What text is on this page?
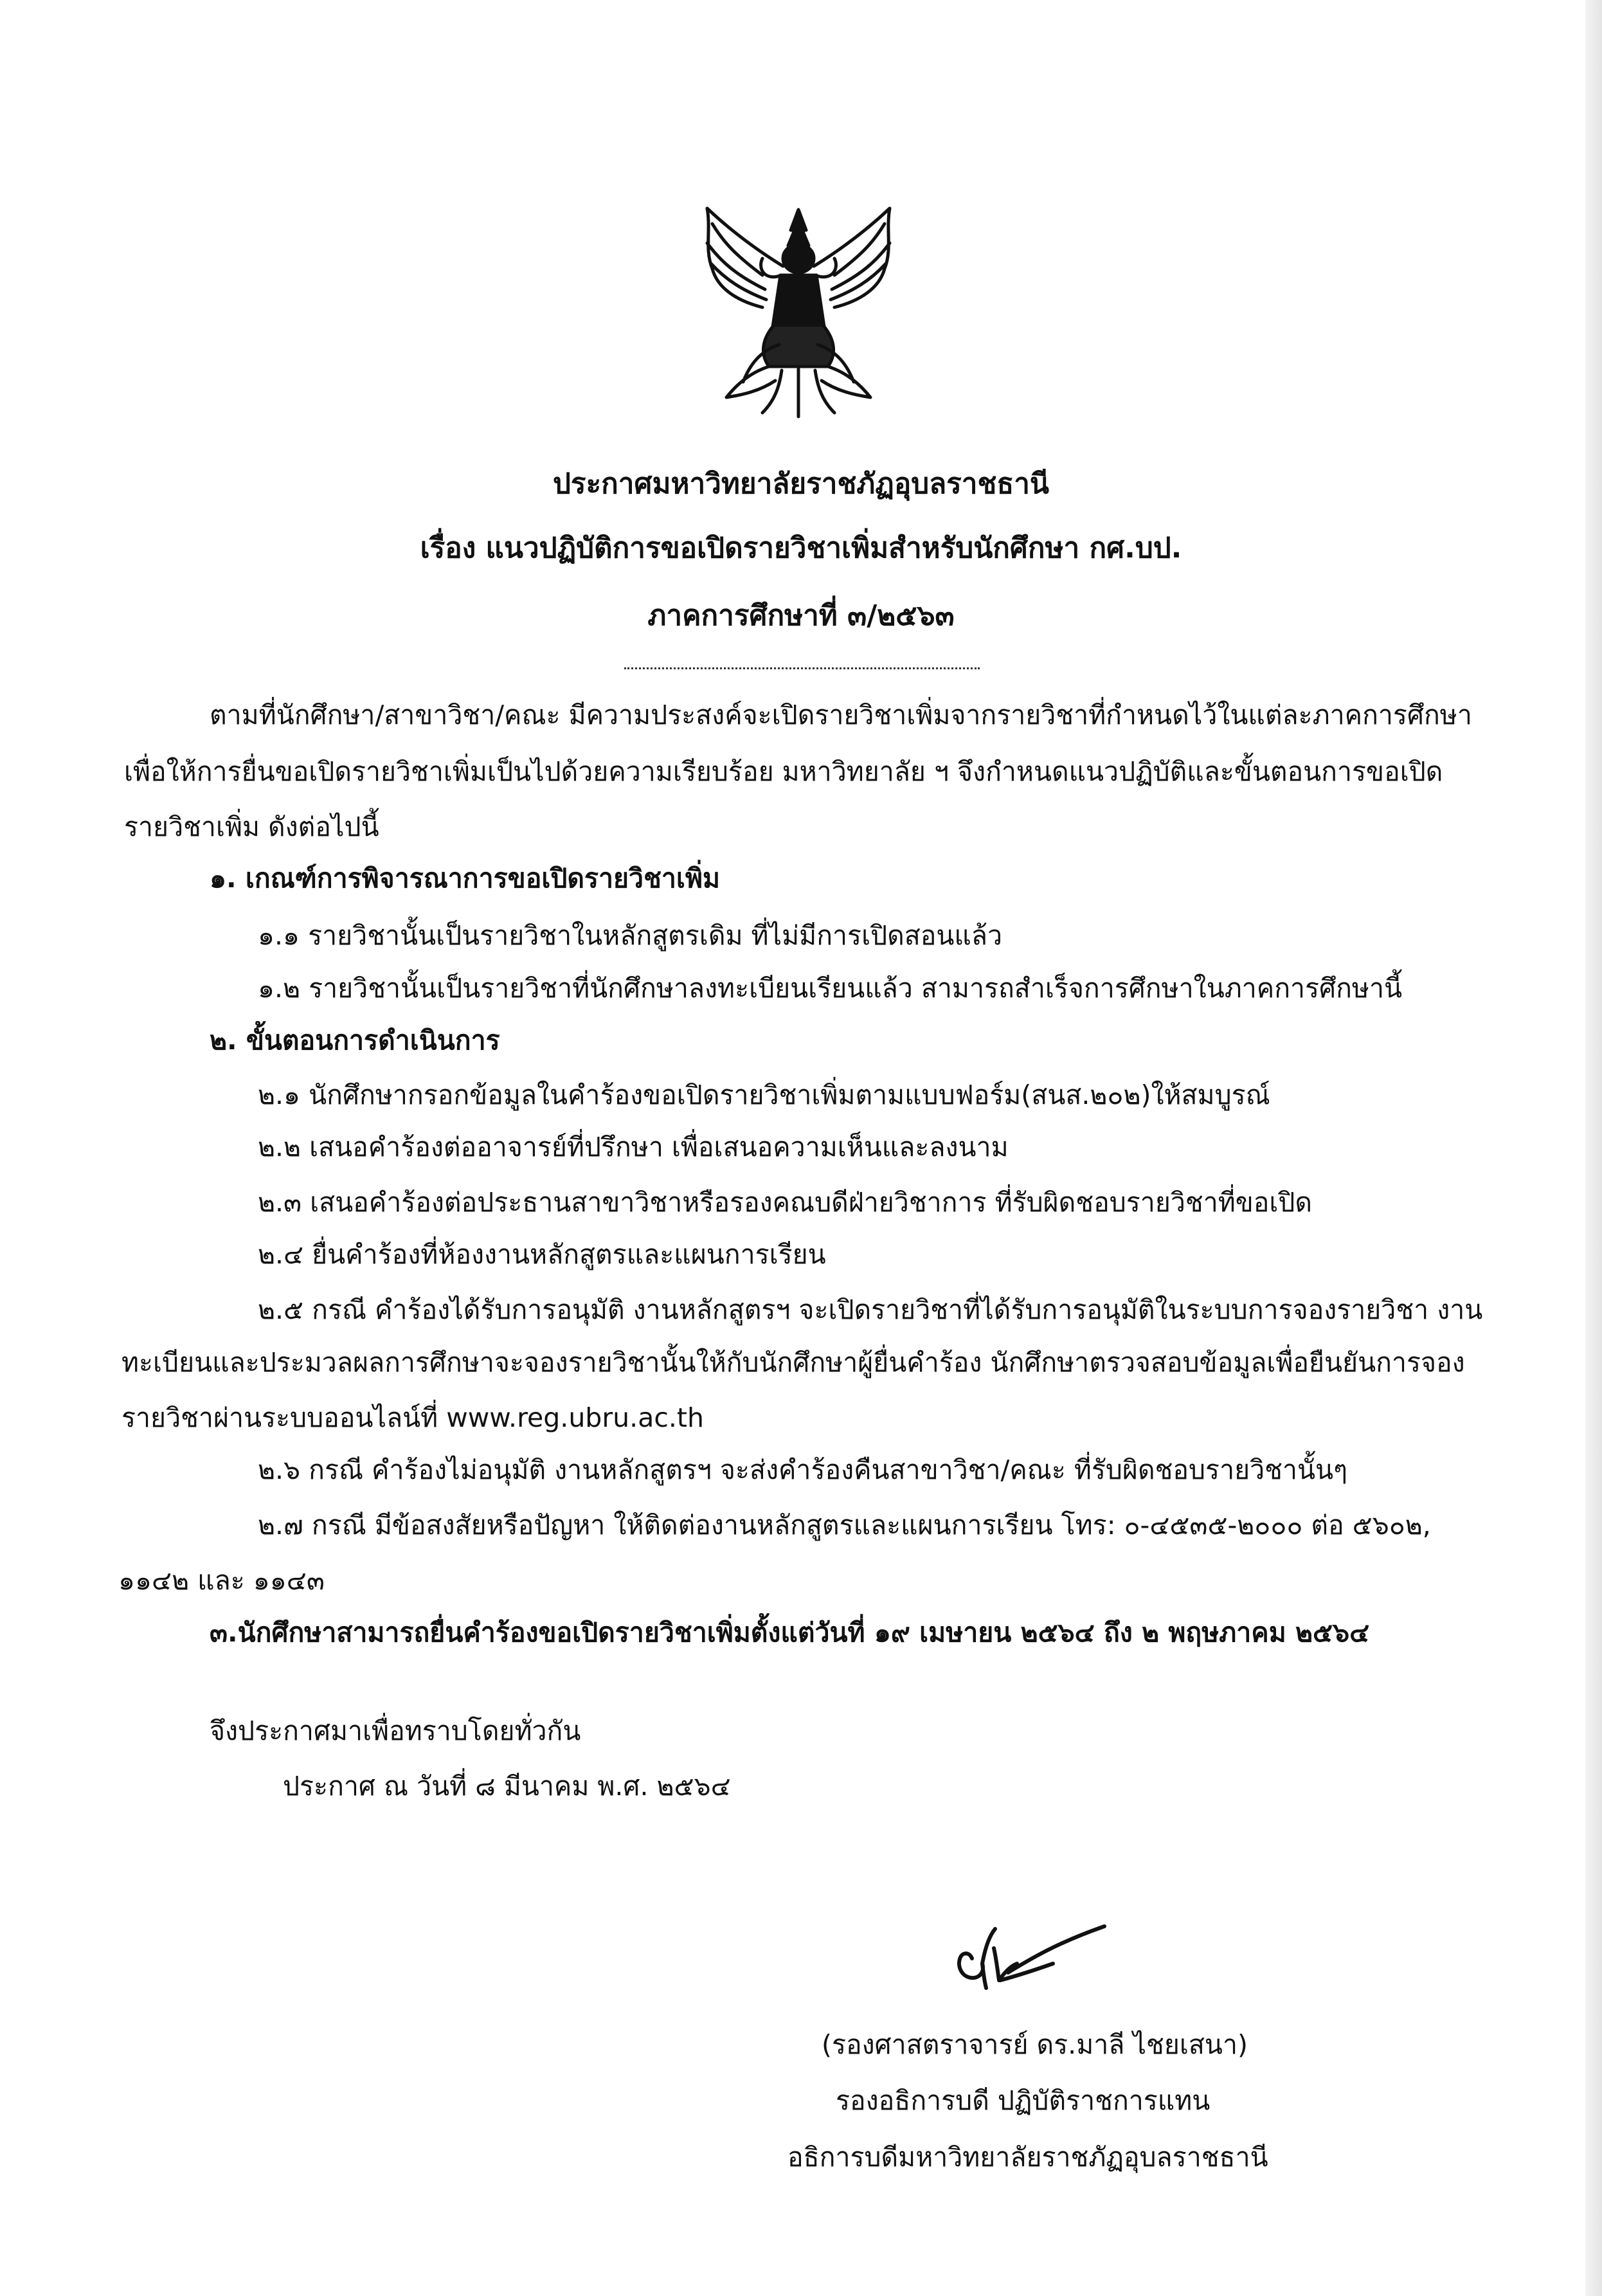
ประกาศมหาวิทยาลัยราชภัฏอุบลราชธานี
เรื่อง แนวปฏิบัติการขอเปิดรายวิชาเพิ่มสำหรับนักศึกษา กศ.บป.
ภาคการศึกษาที่ ๓/๒๕๖๓
ตามที่นักศึกษา/สาขาวิชา/คณะ มีความประสงค์จะเปิดรายวิชาเพิ่มจากรายวิชาที่กำหนดไว้ในแต่ละภาคการศึกษา
เพื่อให้การยื่นขอเปิดรายวิชาเพิ่มเป็นไปด้วยความเรียบร้อย มหาวิทยาลัย ฯ จึงกำหนดแนวปฏิบัติและขั้นตอนการขอเปิด
รายวิชาเพิ่ม ดังต่อไปนี้
๑. เกณฑ์การพิจารณาการขอเปิดรายวิชาเพิ่ม
๑.๑ รายวิชานั้นเป็นรายวิชาในหลักสูตรเดิม ที่ไม่มีการเปิดสอนแล้ว
๑.๒ รายวิชานั้นเป็นรายวิชาที่นักศึกษาลงทะเบียนเรียนแล้ว สามารถสำเร็จการศึกษาในภาคการศึกษานี้
๒. ขั้นตอนการดำเนินการ
๒.๑ นักศึกษากรอกข้อมูลในคำร้องขอเปิดรายวิชาเพิ่มตามแบบฟอร์ม(สนส.๒๐๒)ให้สมบูรณ์
๒.๒ เสนอคำร้องต่ออาจารย์ที่ปรึกษา เพื่อเสนอความเห็นและลงนาม
๒.๓ เสนอคำร้องต่อประธานสาขาวิชาหรือรองคณบดีฝ่ายวิชาการ ที่รับผิดชอบรายวิชาที่ขอเปิด
๒.๔ ยื่นคำร้องที่ห้องงานหลักสูตรและแผนการเรียน
๒.๕ กรณี คำร้องได้รับการอนุมัติ งานหลักสูตรฯ จะเปิดรายวิชาที่ได้รับการอนุมัติในระบบการจองรายวิชา งาน
ทะเบียนและประมวลผลการศึกษาจะจองรายวิชานั้นให้กับนักศึกษาผู้ยื่นคำร้อง นักศึกษาตรวจสอบข้อมูลเพื่อยืนยันการจอง
รายวิชาผ่านระบบออนไลน์ที่ www.reg.ubru.ac.th
๒.๖ กรณี คำร้องไม่อนุมัติ งานหลักสูตรฯ จะส่งคำร้องคืนสาขาวิชา/คณะ ที่รับผิดชอบรายวิชานั้นๆ
๒.๗ กรณี มีข้อสงสัยหรือปัญหา ให้ติดต่องานหลักสูตรและแผนการเรียน โทร: ๐-๔๕๓๕-๒๐๐๐ ต่อ ๕๖๐๒,
๑๑๔๒ และ ๑๑๔๓
๓.นักศึกษาสามารถยื่นคำร้องขอเปิดรายวิชาเพิ่มตั้งแต่วันที่ ๑๙ เมษายน ๒๕๖๔ ถึง ๒ พฤษภาคม ๒๕๖๔
จึงประกาศมาเพื่อทราบโดยทั่วกัน
ประกาศ ณ วันที่ ๘ มีนาคม พ.ศ. ๒๕๖๔
(รองศาสตราจารย์ ดร.มาลี ไชยเสนา)
รองอธิการบดี ปฏิบัติราชการแทน
อธิการบดีมหาวิทยาลัยราชภัฏอุบลราชธานี
